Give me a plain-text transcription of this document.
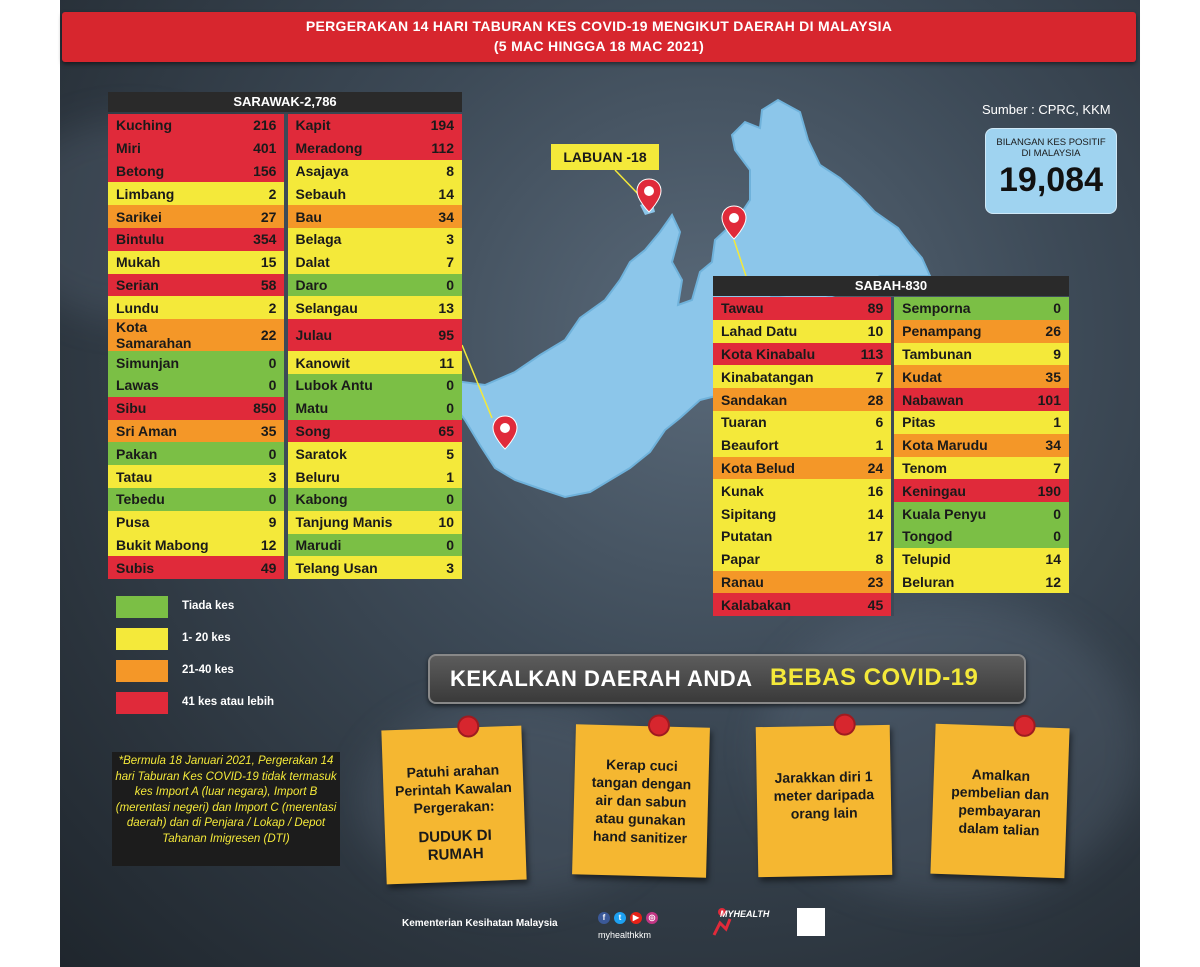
PERGERAKAN 14 HARI TABURAN KES COVID-19 MENGIKUT DAERAH DI MALAYSIA
(5 MAC HINGGA 18 MAC 2021)
Sumber : CPRC, KKM
BILANGAN KES POSITIF DI MALAYSIA
19,084
LABUAN -18
SARAWAK-2,786
Kuching	216		Kapit	194
Miri	401		Meradong	112
Betong	156		Asajaya	8
Limbang	2		Sebauh	14
Sarikei	27		Bau	34
Bintulu	354		Belaga	3
Mukah	15		Dalat	7
Serian	58		Daro	0
Lundu	2		Selangau	13
Kota Samarahan	22		Julau	95
Simunjan	0		Kanowit	11
Lawas	0		Lubok Antu	0
Sibu	850		Matu	0
Sri Aman	35		Song	65
Pakan	0		Saratok	5
Tatau	3		Beluru	1
Tebedu	0		Kabong	0
Pusa	9		Tanjung Manis	10
Bukit Mabong	12		Marudi	0
Subis	49		Telang Usan	3
SABAH-830
Tawau	89		Semporna	0
Lahad Datu	10		Penampang	26
Kota Kinabalu	113		Tambunan	9
Kinabatangan	7		Kudat	35
Sandakan	28		Nabawan	101
Tuaran	6		Pitas	1
Beaufort	1		Kota Marudu	34
Kota Belud	24		Tenom	7
Kunak	16		Keningau	190
Sipitang	14		Kuala Penyu	0
Putatan	17		Tongod	0
Papar	8		Telupid	14
Ranau	23		Beluran	12
Kalabakan	45			
Tiada kes
1- 20 kes
21-40 kes
41 kes atau lebih
*Bermula 18 Januari 2021, Pergerakan 14 hari Taburan Kes COVID-19 tidak termasuk kes Import A (luar negara), Import B (merentasi negeri) dan Import C (merentasi daerah) dan di Penjara / Lokap / Depot Tahanan Imigresen (DTI)
KEKALKAN DAERAH ANDA BEBAS COVID-19
Patuhi arahan Perintah Kawalan Pergerakan:
DUDUK DI RUMAH
Kerap cuci tangan dengan air dan sabun atau gunakan hand sanitizer
Jarakkan diri 1 meter daripada orang lain
Amalkan pembelian dan pembayaran dalam talian
Kementerian Kesihatan Malaysia
f	t	▶	◎
myhealthkkm
MYHEALTH
